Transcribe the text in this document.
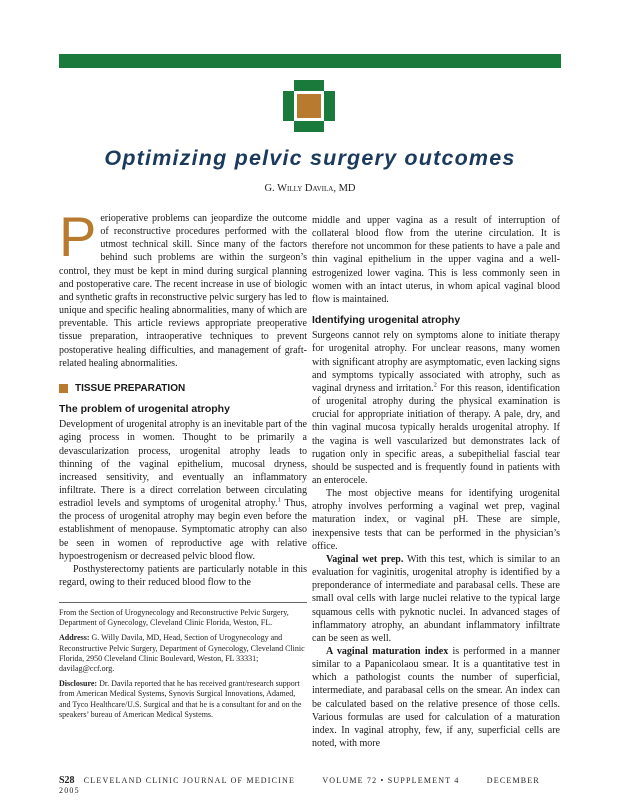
Optimizing pelvic surgery outcomes
G. Willy Davila, MD

Perioperative problems can jeopardize the outcome of reconstructive procedures performed with the utmost technical skill. Since many of the factors behind such problems are within the surgeon’s control, they must be kept in mind during surgical planning and postoperative care. The recent increase in use of biologic and synthetic grafts in reconstructive pelvic surgery has led to unique and specific healing abnormalities, many of which are preventable. This article reviews appropriate preoperative tissue preparation, intraoperative techniques to prevent postoperative healing difficulties, and management of graft-related healing abnormalities.

TISSUE PREPARATION
The problem of urogenital atrophy

Development of urogenital atrophy is an inevitable part of the aging process in women. Thought to be primarily a devascularization process, urogenital atrophy leads to thinning of the vaginal epithelium, mucosal dryness, increased sensitivity, and eventually an inflammatory infiltrate. There is a direct correlation between circulating estradiol levels and symptoms of urogenital atrophy.$^1$ Thus, the process of urogenital atrophy may begin even before the establishment of menopause. Symptomatic atrophy can also be seen in women of reproductive age with relative hypoestrogenism or decreased pelvic blood flow.

Posthysterectomy patients are particularly notable in this regard, owing to their reduced blood flow to the

middle and upper vagina as a result of interruption of collateral blood flow from the uterine circulation. It is therefore not uncommon for these patients to have a pale and thin vaginal epithelium in the upper vagina and a well-estrogenized lower vagina. This is less commonly seen in women with an intact uterus, in whom apical vaginal blood flow is maintained.

Identifying urogenital atrophy

Surgeons cannot rely on symptoms alone to initiate therapy for urogenital atrophy. For unclear reasons, many women with significant atrophy are asymptomatic, even lacking signs and symptoms typically associated with atrophy, such as vaginal dryness and irritation.$^2$ For this reason, identification of urogenital atrophy during the physical examination is crucial for appropriate initiation of therapy. A pale, dry, and thin vaginal mucosa typically heralds urogenital atrophy. If the vagina is well vascularized but demonstrates lack of rugation only in specific areas, a subepithelial fascial tear should be suspected and is frequently found in patients with an enterocele.

The most objective means for identifying urogenital atrophy involves performing a vaginal wet prep, vaginal maturation index, or vaginal pH. These are simple, inexpensive tests that can be performed in the physician’s office.

Vaginal wet prep. With this test, which is similar to an evaluation for vaginitis, urogenital atrophy is identified by a preponderance of intermediate and parabasal cells. These are small oval cells with large nuclei relative to the typical large squamous cells with pyknotic nuclei. In advanced stages of inflammatory atrophy, an abundant inflammatory infiltrate can be seen as well.

A vaginal maturation index is performed in a manner similar to a Papanicolaou smear. It is a quantitative test in which a pathologist counts the number of superficial, intermediate, and parabasal cells on the smear. An index can be calculated based on the relative presence of those cells. Various formulas are used for calculation of a maturation index. In vaginal atrophy, few, if any, superficial cells are noted, with more

From the Section of Urogynecology and Reconstructive Pelvic Surgery, Department of Gynecology, Cleveland Clinic Florida, Weston, FL.

Address: G. Willy Davila, MD, Head, Section of Urogynecology and Reconstructive Pelvic Surgery, Department of Gynecology, Cleveland Clinic Florida, 2950 Cleveland Clinic Boulevard, Weston, FL 33331; davilag@ccf.org.

Disclosure: Dr. Davila reported that he has received grant/research support from American Medical Systems, Synovis Surgical Innovations, Adamed, and Tyco Healthcare/U.S. Surgical and that he is a consultant for and on the speakers’ bureau of American Medical Systems.

S28 CLEVELAND CLINIC JOURNAL OF MEDICINE	VOLUME 72 • SUPPLEMENT 4	DECEMBER 2005
